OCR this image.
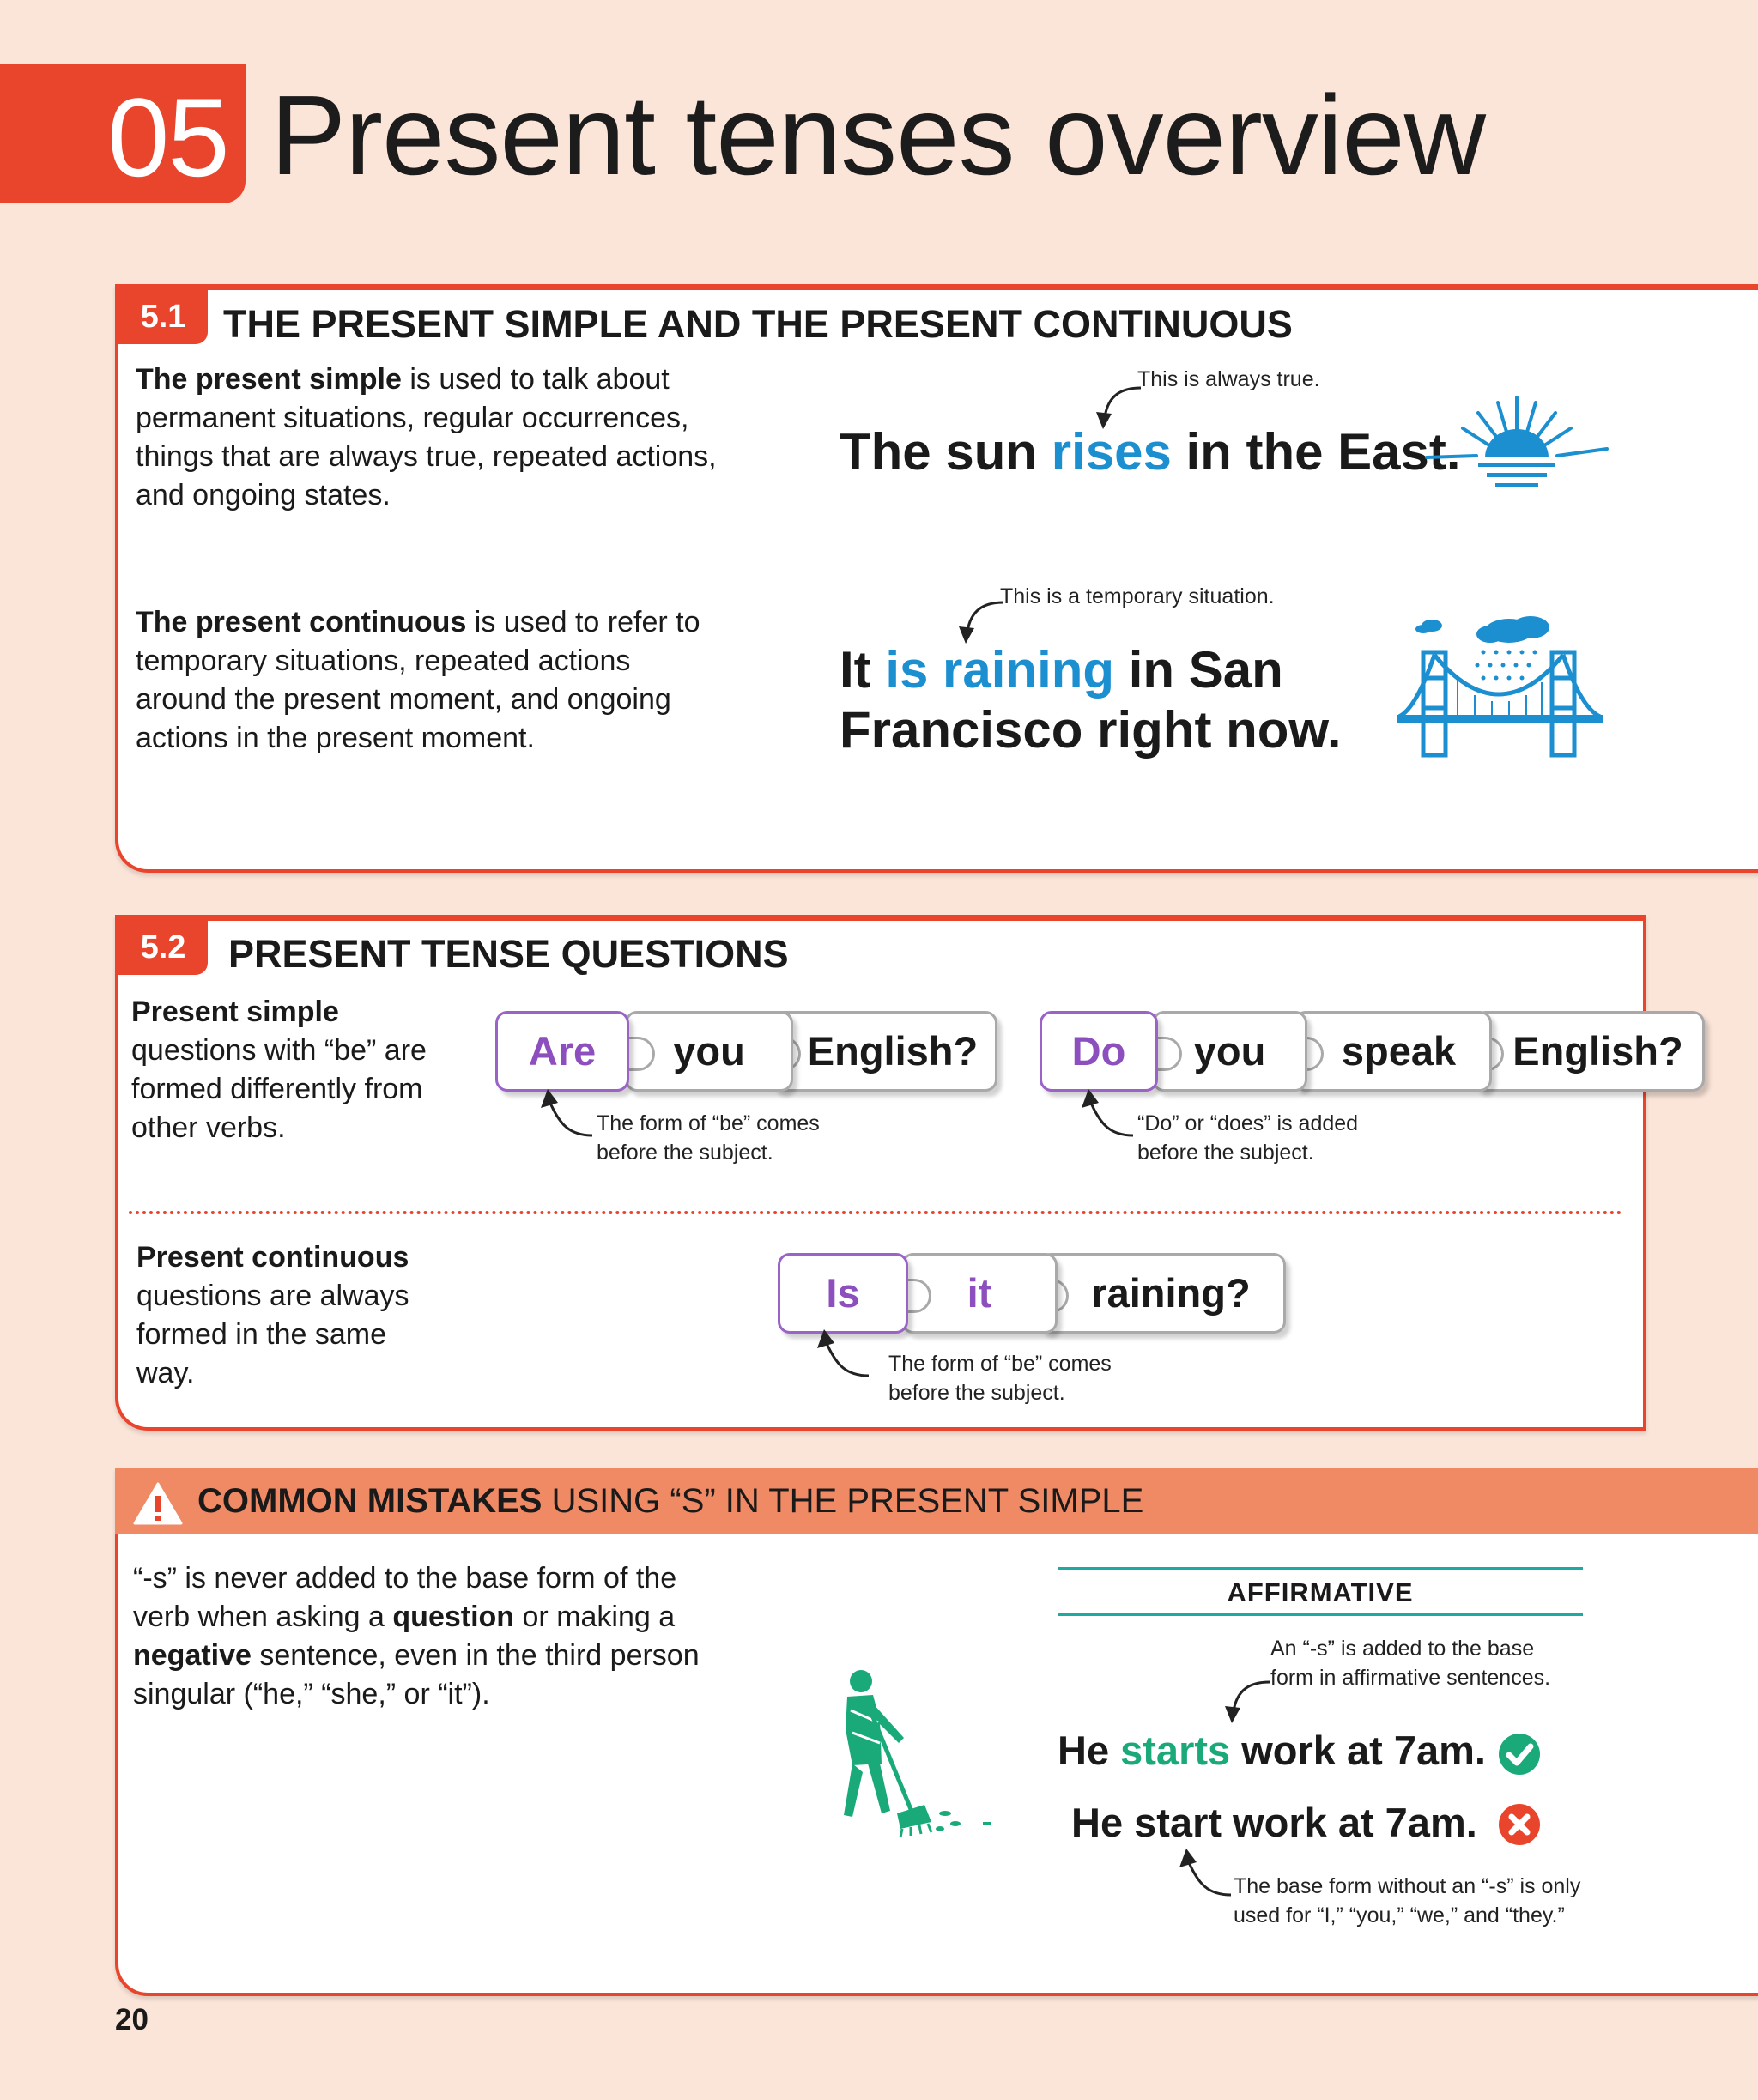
05 Present tenses overview
5.1 THE PRESENT SIMPLE AND THE PRESENT CONTINUOUS
The present simple is used to talk about permanent situations, regular occurrences, things that are always true, repeated actions, and ongoing states.
This is always true.
The sun rises in the East.
The present continuous is used to refer to temporary situations, repeated actions around the present moment, and ongoing actions in the present moment.
This is a temporary situation.
It is raining in San
Francisco right now.
5.2	PRESENT TENSE QUESTIONS
Present simple
questions with “be” are formed differently from other verbs.
English?
you
Are
The form of “be” comes before the subject.
English?
speak
you
Do
“Do” or “does” is added before the subject.
Present continuous
questions are always formed in the same way.
raining?
it
Is
The form of “be” comes before the subject.
COMMON MISTAKES USING “S” IN THE PRESENT SIMPLE
“-s” is never added to the base form of the verb when asking a question or making a negative sentence, even in the third person singular (“he,” “she,” or “it”).
AFFIRMATIVE
An “-s” is added to the base form in affirmative sentences.
He starts work at 7am.
He start work at 7am.
The base form without an “-s” is only used for “I,” “you,” “we,” and “they.”
20
